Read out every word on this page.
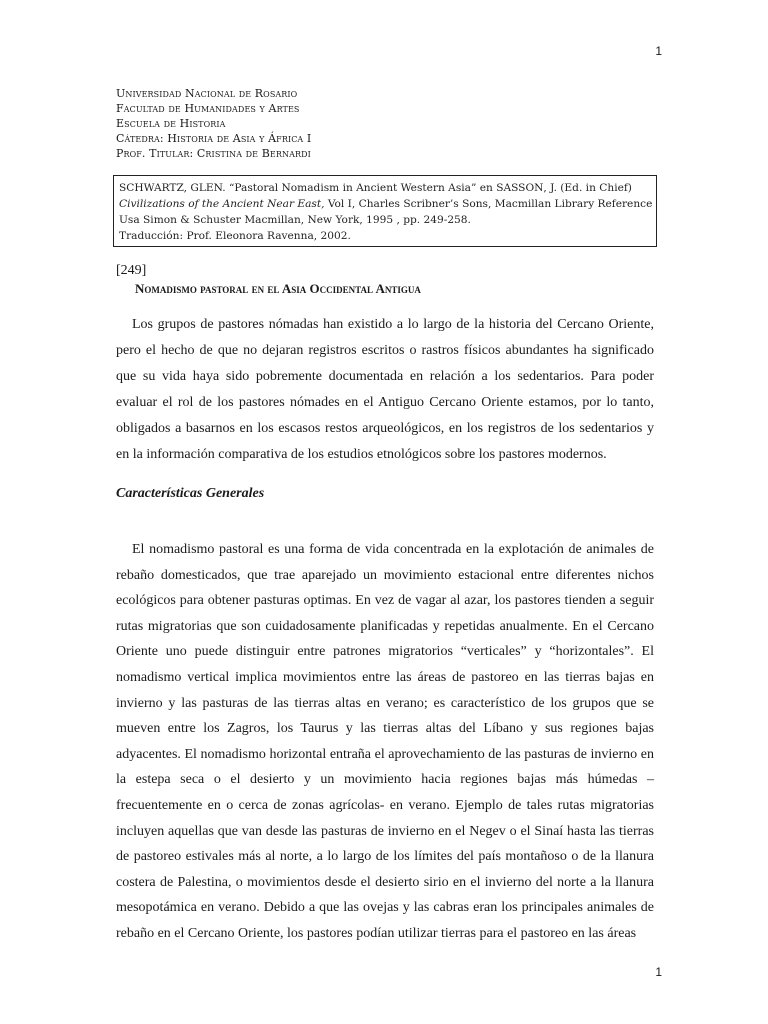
1
Universidad Nacional de Rosario
Facultad de Humanidades y Artes
Escuela de Historia
Cátedra: Historia de Asia y África I
Prof. Titular: Cristina de Bernardi
SCHWARTZ, GLEN. “Pastoral Nomadism in Ancient Western Asia” en SASSON, J. (Ed. in Chief)
Civilizations of the Ancient Near East, Vol I, Charles Scribner’s Sons, Macmillan Library Reference
Usa Simon & Schuster Macmillan, New York, 1995 , pp. 249-258.
Traducción: Prof. Eleonora Ravenna, 2002.
[249]
Nomadismo pastoral en el Asia Occidental Antigua

Los grupos de pastores nómadas han existido a lo largo de la historia del Cercano Oriente, pero el hecho de que no dejaran registros escritos o rastros físicos abundantes ha significado que su vida haya sido pobremente documentada en relación a los sedentarios. Para poder evaluar el rol de los pastores nómades en el Antiguo Cercano Oriente estamos, por lo tanto, obligados a basarnos en los escasos restos arqueológicos, en los registros de los sedentarios y en la información comparativa de los estudios etnológicos sobre los pastores modernos.

Características Generales

El nomadismo pastoral es una forma de vida concentrada en la explotación de animales de rebaño domesticados, que trae aparejado un movimiento estacional entre diferentes nichos ecológicos para obtener pasturas optimas. En vez de vagar al azar, los pastores tienden a seguir rutas migratorias que son cuidadosamente planificadas y repetidas anualmente. En el Cercano Oriente uno puede distinguir entre patrones migratorios “verticales” y “horizontales”. El nomadismo vertical implica movimientos entre las áreas de pastoreo en las tierras bajas en invierno y las pasturas de las tierras altas en verano; es característico de los grupos que se mueven entre los Zagros, los Taurus y las tierras altas del Líbano y sus regiones bajas adyacentes. El nomadismo horizontal entraña el aprovechamiento de las pasturas de invierno en la estepa seca o el desierto y un movimiento hacia regiones bajas más húmedas –frecuentemente en o cerca de zonas agrícolas- en verano. Ejemplo de tales rutas migratorias incluyen aquellas que van desde las pasturas de invierno en el Negev o el Sinaí hasta las tierras de pastoreo estivales más al norte, a lo largo de los límites del país montañoso o de la llanura costera de Palestina, o movimientos desde el desierto sirio en el invierno del norte a la llanura mesopotámica en verano. Debido a que las ovejas y las cabras eran los principales animales de rebaño en el Cercano Oriente, los pastores podían utilizar tierras para el pastoreo en las áreas

1
